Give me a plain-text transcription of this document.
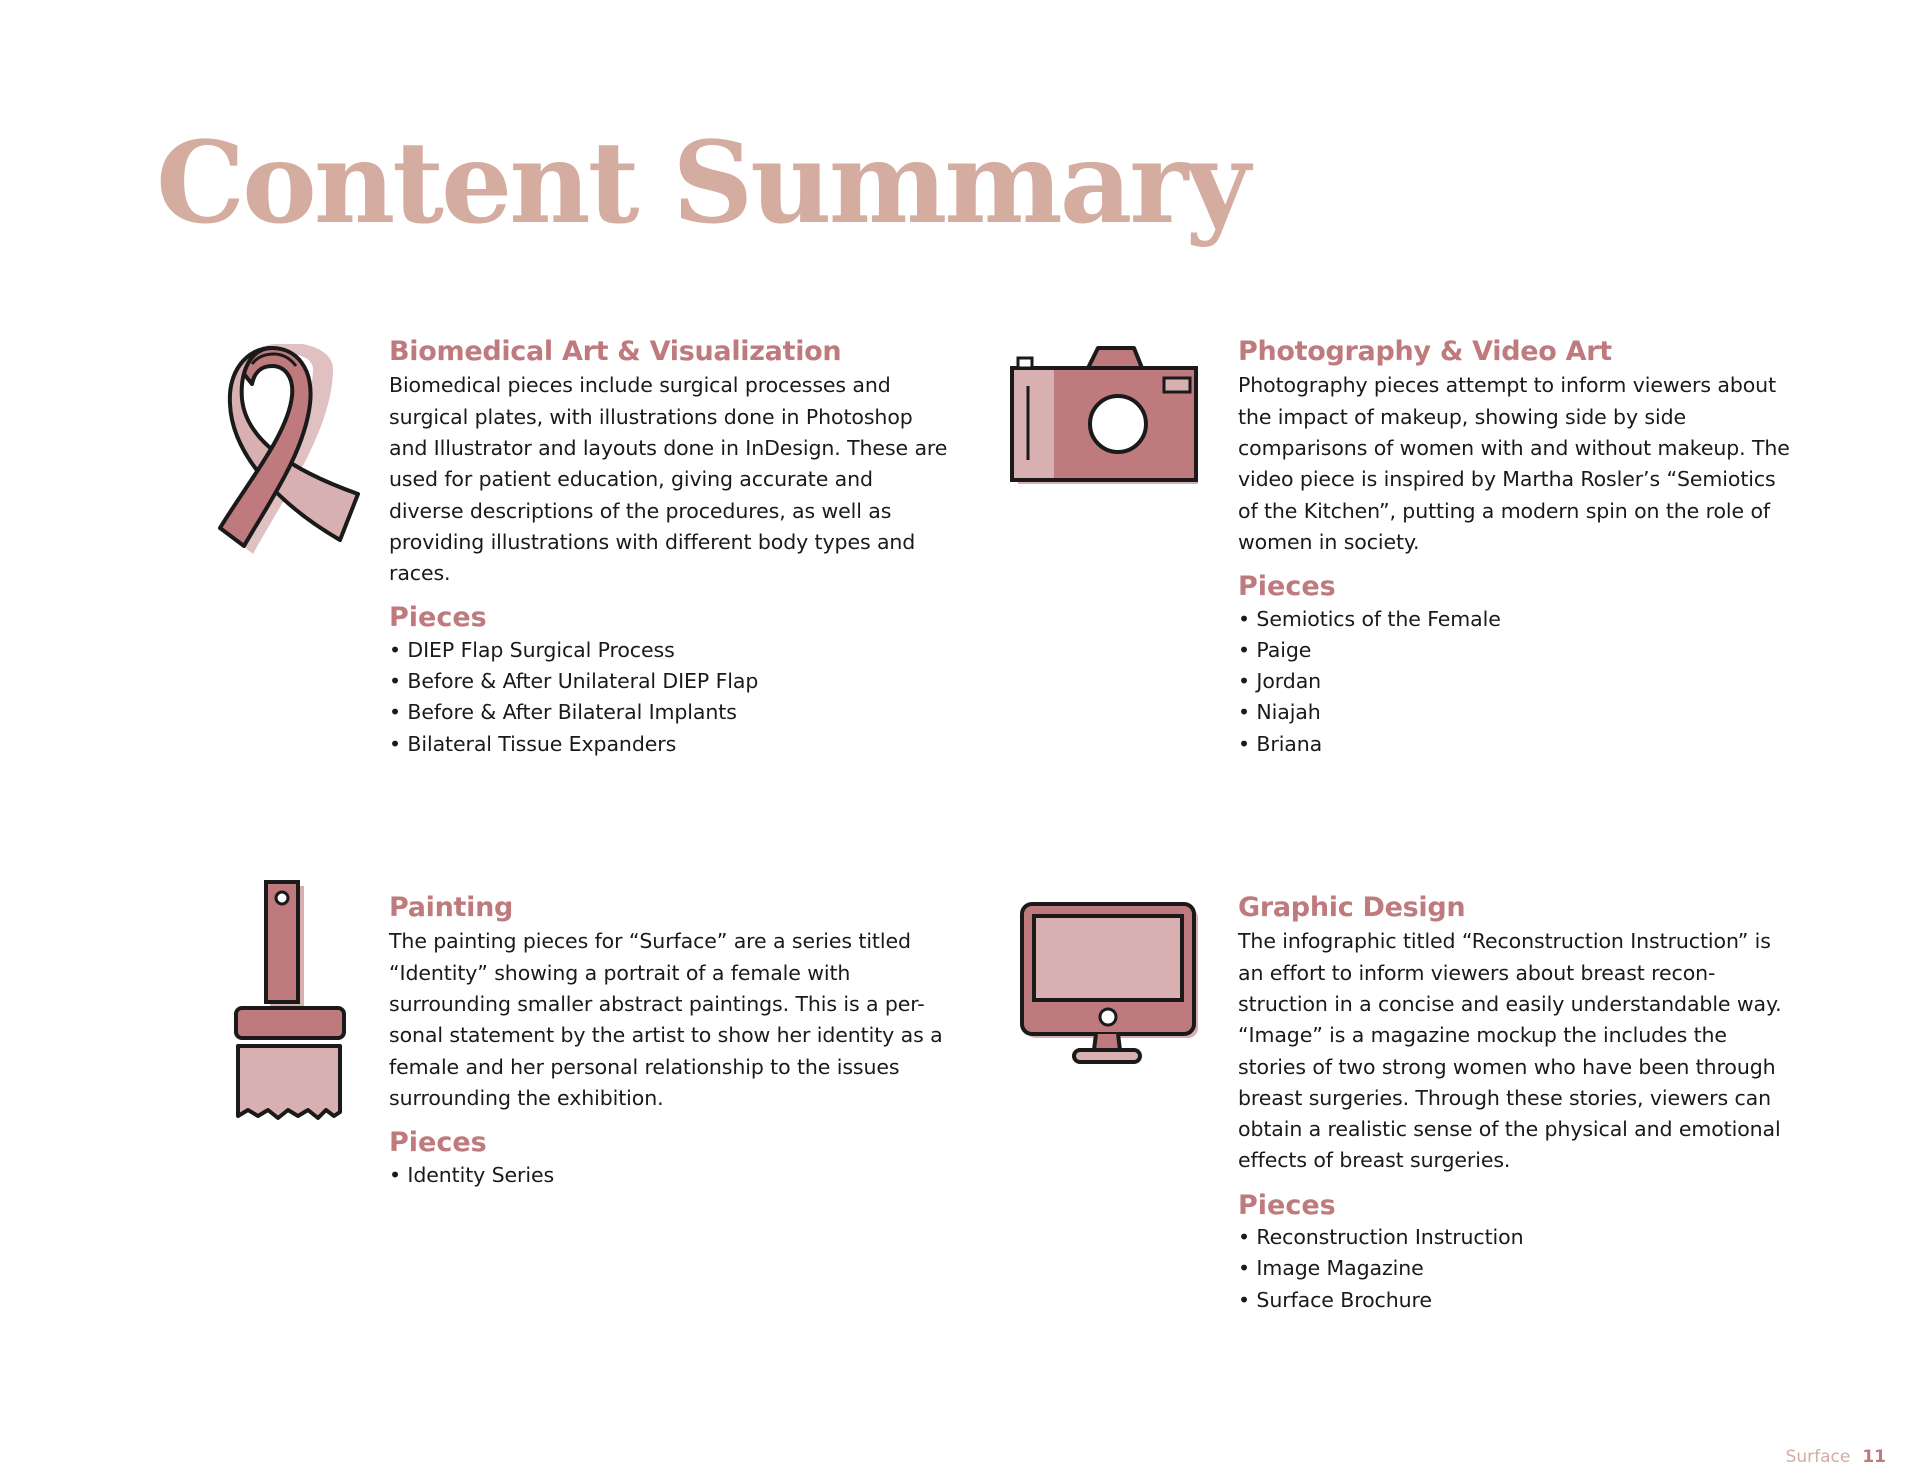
Content Summary
Biomedical Art & Visualization

Biomedical pieces include surgical processes and surgical plates, with illustrations done in Photoshop and Illustrator and layouts done in InDesign. These are used for patient education, giving accurate and diverse descriptions of the procedures, as well as providing illustrations with different body types and races.

Pieces
• DIEP Flap Surgical Process
• Before & After Unilateral DIEP Flap
• Before & After Bilateral Implants
• Bilateral Tissue Expanders
Photography & Video Art

Photography pieces attempt to inform viewers about the impact of makeup, showing side by side comparisons of women with and without makeup. The video piece is inspired by Martha Rosler’s “Semiotics of the Kitchen”, putting a modern spin on the role of women in society.

Pieces
• Semiotics of the Female
• Paige
• Jordan
• Niajah
• Briana
Painting

The painting pieces for “Surface” are a series titled “Identity” showing a portrait of a female with surrounding smaller abstract paintings. This is a per- sonal statement by the artist to show her identity as a female and her personal relationship to the issues surrounding the exhibition.

Pieces
• Identity Series
Graphic Design

The infographic titled “Reconstruction Instruction” is an effort to inform viewers about breast recon- struction in a concise and easily understandable way. “Image” is a magazine mockup the includes the stories of two strong women who have been through breast surgeries. Through these stories, viewers can obtain a realistic sense of the physical and emotional effects of breast surgeries.

Pieces
• Reconstruction Instruction
• Image Magazine
• Surface Brochure
Surface 11
